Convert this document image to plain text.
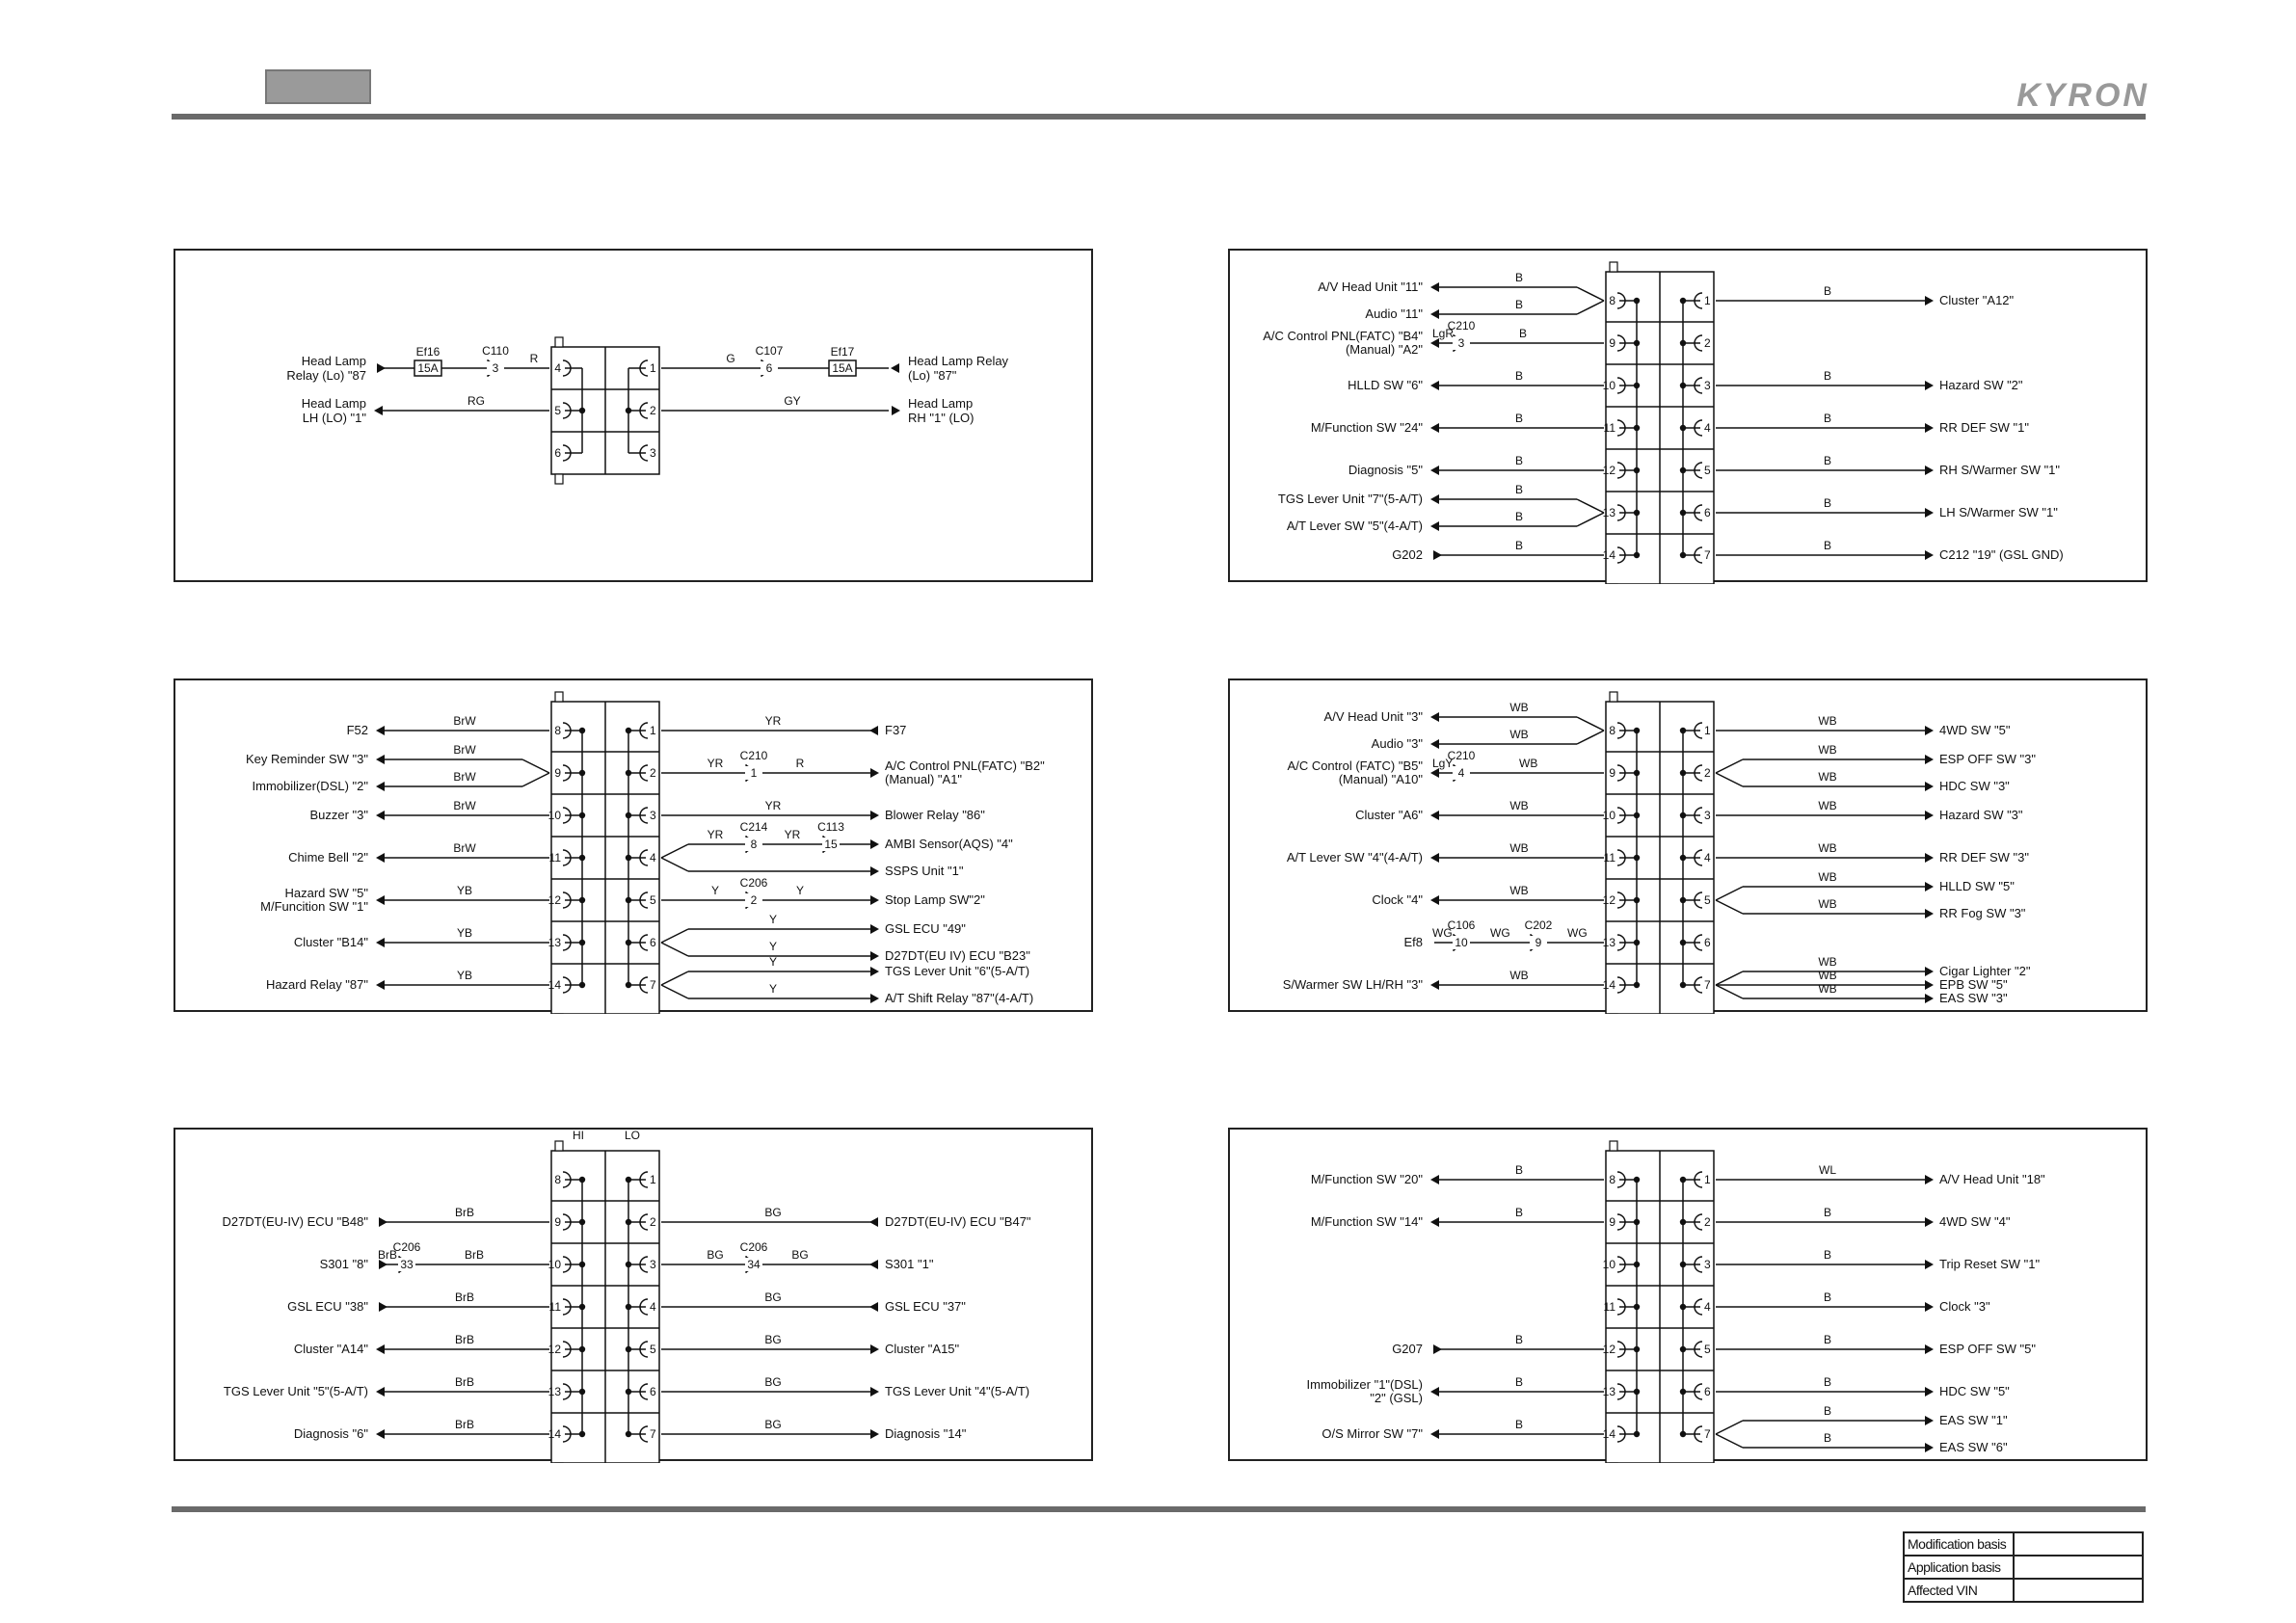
KYRON
4
15A
Ef16
3
C110
R
Head Lamp
Relay (Lo) "87
5
RG
Head Lamp
LH (LO) "1"
6
1	6
C107
15A
Ef17
G	Head Lamp Relay
(Lo) "87"
2
GY	Head Lamp
RH "1" (LO)
3
8
B
A/V Head Unit "11"
B
Audio "11"
9
3
C210
LgR	B
A/C Control PNL(FATC) "B4"
(Manual) "A2"
10
B
HLLD SW "6"
11
B
M/Function SW "24"
12
B
Diagnosis "5"
13
B
TGS Lever Unit "7"(5-A/T)
B
A/T Lever SW "5"(4-A/T)
14
B
G202
1
B
Cluster "A12"
2
3
B
Hazard SW "2"
4
B
RR DEF SW "1"
5
B
RH S/Warmer SW "1"
6
B
LH S/Warmer SW "1"
7
B
C212 "19" (GSL GND)
8
BrW
F52
9
BrW
Key Reminder SW "3"
BrW
Immobilizer(DSL) "2"
10
BrW
Buzzer "3"
11
BrW
Chime Bell "2"
12
YB
Hazard SW "5"
M/Funcition SW "1"
13
YB
Cluster "B14"
14
YB
Hazard Relay "87"
1
YR
F37
2	1
C210
YR	R	A/C Control PNL(FATC) "B2"
(Manual) "A1"
3
YR
Blower Relay "86"
4
8
C214
15
C113
YR	YR
AMBI Sensor(AQS) "4"
SSPS Unit "1"
5	2
C206
Y	Y
Stop Lamp SW"2"
6
Y
GSL ECU "49"
Y
D27DT(EU IV) ECU "B23"
7
Y
TGS Lever Unit "6"(5-A/T)
Y
A/T Shift Relay "87"(4-A/T)
8
WB
A/V Head Unit "3"
WB
Audio "3"
9
4
C210
LgY	WB
A/C Control (FATC) "B5"
(Manual) "A10"
10
WB
Cluster "A6"
11
WB
A/T Lever SW "4"(4-A/T)
12
WB
Clock "4"
13
10
C106
9
C202
WG	WG	WG
Ef8
14
WB
S/Warmer SW LH/RH "3"
1
WB
4WD SW "5"
2
WB
ESP OFF SW "3"
WB
HDC SW "3"
3
WB
Hazard SW "3"
4
WB
RR DEF SW "3"
5
WB
HLLD SW "5"
WB
RR Fog SW "3"
6
7
WB
Cigar Lighter "2"
WB
EPB SW "5"
WB
EAS SW "3"
HI	LO
8
9
BrB
D27DT(EU-IV) ECU "B48"
10
33
C206
BrB	BrB
S301 "8"
11
BrB
GSL ECU "38"
12
BrB
Cluster "A14"
13
BrB
TGS Lever Unit "5"(5-A/T)
14
BrB
Diagnosis "6"
1
2
BG
D27DT(EU-IV) ECU "B47"
3	34
C206
BG	BG
S301 "1"
4
BG
GSL ECU "37"
5
BG
Cluster "A15"
6
BG
TGS Lever Unit "4"(5-A/T)
7
BG
Diagnosis "14"
8
B
M/Function SW "20"
9
B
M/Function SW "14"
10
11
12
B
G207
13
B
Immobilizer "1"(DSL)
"2" (GSL)
14
B
O/S Mirror SW "7"
1
WL
A/V Head Unit "18"
2
B
4WD SW "4"
3
B
Trip Reset SW "1"
4
B
Clock "3"
5
B
ESP OFF SW "5"
6
B
HDC SW "5"
7
B
EAS SW "1"
B
EAS SW "6"
Modification basis	
Application basis	
Affected VIN	
